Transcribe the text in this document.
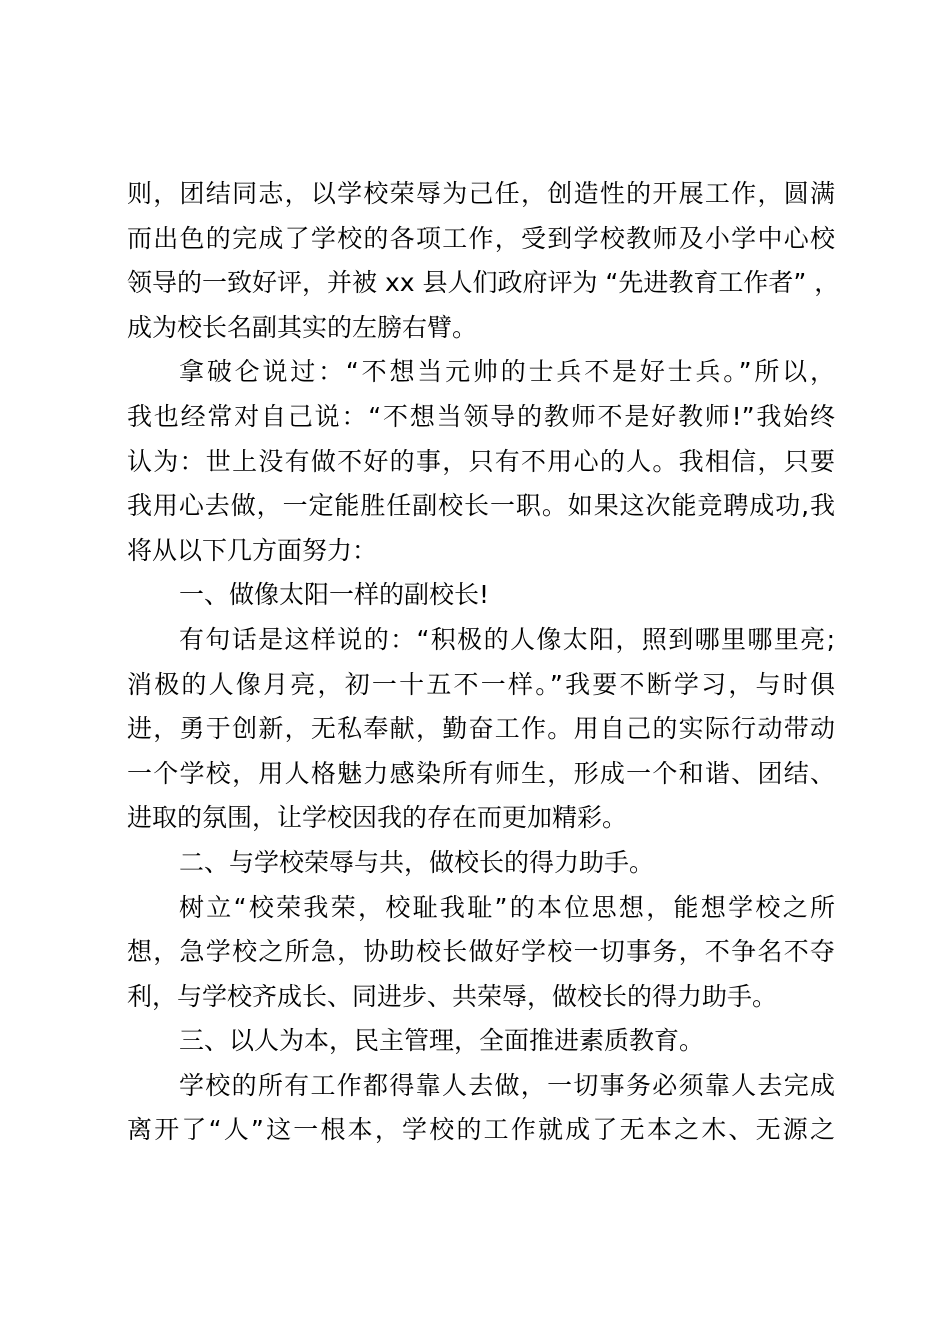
则，团结同志，以学校荣辱为己任，创造性的开展工作，圆满
而出色的完成了学校的各项工作，受到学校教师及小学中心校
领导的一致好评，并被 xx 县人们政府评为 “先进教育工作者” ，
成为校长名副其实的左膀右臂。
拿破仑说过：“不想当元帅的士兵不是好士兵。”所以，
我也经常对自己说：“不想当领导的教师不是好教师!”我始终
认为：世上没有做不好的事，只有不用心的人。我相信，只要
我用心去做，一定能胜任副校长一职。如果这次能竞聘成功,我
将从以下几方面努力：
一、做像太阳一样的副校长!
有句话是这样说的：“积极的人像太阳，照到哪里哪里亮;
消极的人像月亮，初一十五不一样。”我要不断学习，与时俱
进，勇于创新，无私奉献，勤奋工作。用自己的实际行动带动
一个学校，用人格魅力感染所有师生，形成一个和谐、团结、
进取的氛围，让学校因我的存在而更加精彩。
二、与学校荣辱与共，做校长的得力助手。
树立“校荣我荣，校耻我耻”的本位思想，能想学校之所
想，急学校之所急，协助校长做好学校一切事务，不争名不夺
利，与学校齐成长、同进步、共荣辱，做校长的得力助手。
三、以人为本，民主管理，全面推进素质教育。
学校的所有工作都得靠人去做，一切事务必须靠人去完成
离开了“人”这一根本，学校的工作就成了无本之木、无源之
